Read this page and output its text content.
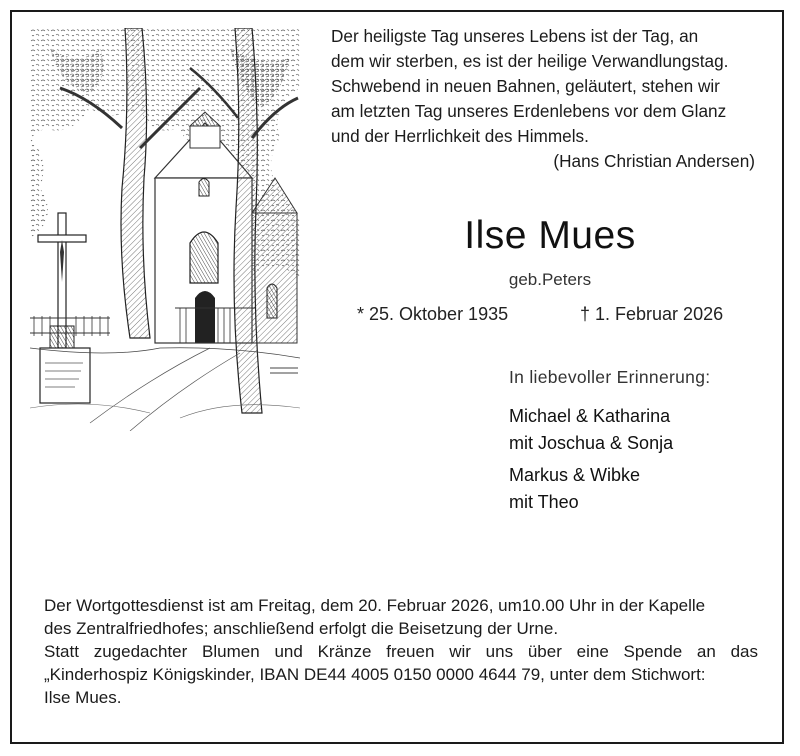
Der heiligste Tag unseres Lebens ist der Tag, an
dem wir sterben, es ist der heilige Verwandlungstag.
Schwebend in neuen Bahnen, geläutert, stehen wir
am letzten Tag unseres Erdenlebens vor dem Glanz
und der Herrlichkeit des Himmels.
(Hans Christian Andersen)
Ilse Mues
geb.Peters
* 25. Oktober 1935	† 1. Februar 2026
In liebevoller Erinnerung:
Michael & Katharina
mit Joschua & Sonja
Markus & Wibke
mit Theo
Der Wortgottesdienst ist am Freitag, dem 20. Februar 2026, um10.00 Uhr in der Kapelle
des Zentralfriedhofes; anschließend erfolgt die Beisetzung der Urne.
Statt zugedachter Blumen und Kränze freuen wir uns über eine Spende an das
„Kinderhospiz Königskinder, IBAN DE44 4005 0150 0000 4644 79, unter dem Stichwort:
Ilse Mues.
